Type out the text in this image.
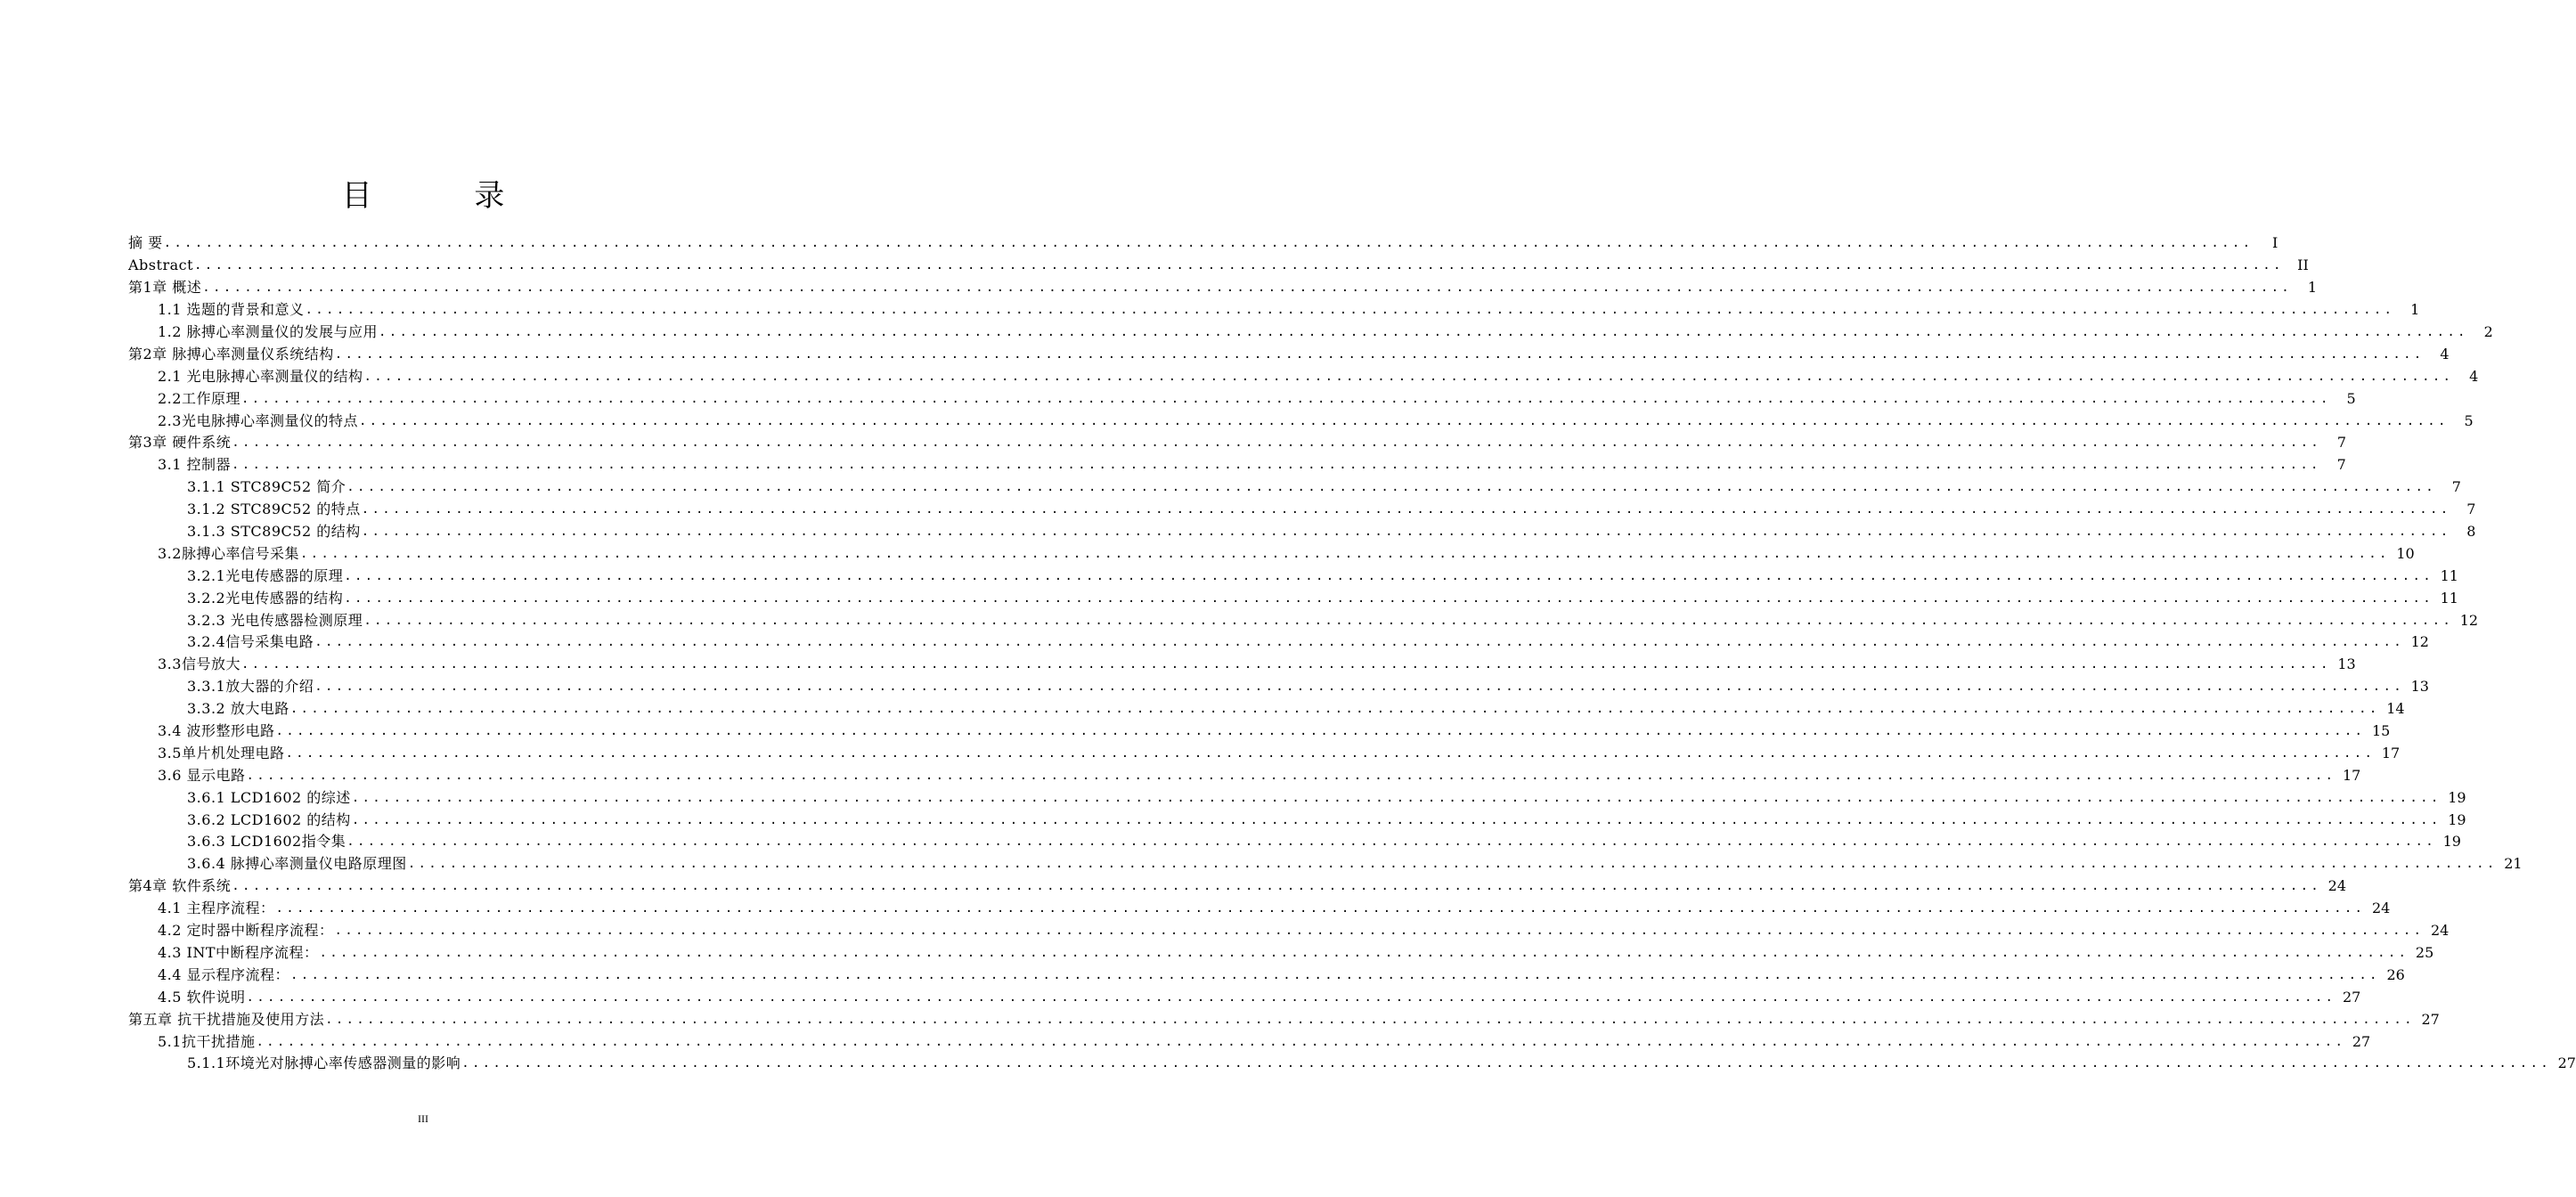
目 录
摘 要 ........................................................................................................................................................................................................	I
Abstract ........................................................................................................................................................................................................ II
第1章 概述 ........................................................................................................................................................................................................	1
1.1 选题的背景和意义 ........................................................................................................................................................................................................	1
1.2 脉搏心率测量仪的发展与应用 ........................................................................................................................................................................................................	2
第2章 脉搏心率测量仪系统结构 ........................................................................................................................................................................................................	4
2.1 光电脉搏心率测量仪的结构 ........................................................................................................................................................................................................	4
2.2工作原理 ........................................................................................................................................................................................................	5
2.3光电脉搏心率测量仪的特点 ........................................................................................................................................................................................................	5
第3章 硬件系统 ........................................................................................................................................................................................................	7
3.1 控制器 ........................................................................................................................................................................................................	7
3.1.1 STC89C52 简介 ........................................................................................................................................................................................................	7
3.1.2 STC89C52 的特点 ........................................................................................................................................................................................................	7
3.1.3 STC89C52 的结构 ........................................................................................................................................................................................................	8
3.2脉搏心率信号采集 ........................................................................................................................................................................................................ 10
3.2.1光电传感器的原理 ........................................................................................................................................................................................................ 11
3.2.2光电传感器的结构 ........................................................................................................................................................................................................ 11
3.2.3 光电传感器检测原理 ........................................................................................................................................................................................................ 12
3.2.4信号采集电路 ........................................................................................................................................................................................................ 12
3.3信号放大 ........................................................................................................................................................................................................ 13
3.3.1放大器的介绍 ........................................................................................................................................................................................................ 13
3.3.2 放大电路 ........................................................................................................................................................................................................ 14
3.4 波形整形电路 ........................................................................................................................................................................................................ 15
3.5单片机处理电路 ........................................................................................................................................................................................................ 17
3.6 显示电路 ........................................................................................................................................................................................................ 17
3.6.1 LCD1602 的综述 ........................................................................................................................................................................................................ 19
3.6.2 LCD1602 的结构 ........................................................................................................................................................................................................ 19
3.6.3 LCD1602指令集 ........................................................................................................................................................................................................ 19
3.6.4 脉搏心率测量仪电路原理图 ........................................................................................................................................................................................................ 21
第4章 软件系统 ........................................................................................................................................................................................................ 24
4.1 主程序流程： ........................................................................................................................................................................................................ 24
4.2 定时器中断程序流程： ........................................................................................................................................................................................................ 24
4.3 INT中断程序流程： ........................................................................................................................................................................................................ 25
4.4 显示程序流程： ........................................................................................................................................................................................................ 26
4.5 软件说明 ........................................................................................................................................................................................................ 27
第五章 抗干扰措施及使用方法 ........................................................................................................................................................................................................ 27
5.1抗干扰措施 ........................................................................................................................................................................................................ 27
5.1.1环境光对脉搏心率传感器测量的影响 ........................................................................................................................................................................................................ 27
III
